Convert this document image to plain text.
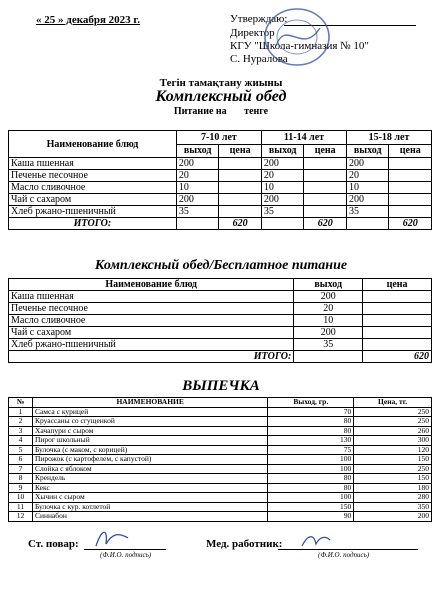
« 25 » декабря 2023 г.	Утверждаю:
Директор
КГУ "Школа-гимназия № 10"
С. Нуралова
Тегін тамақтану жиыны
Комплексный обед
Питание на       тенге
Наименование блюд	7-10 лет		11-14 лет		15-18 лет	
	выход	цена	выход	цена	выход	цена
Каша пшенная	200		200		200	
Печенье песочное	20		20		20	
Масло сливочное	10		10		10	
Чай с сахаром	200		200		200	
Хлеб ржано-пшеничный	35		35		35	
ИТОГО:		620		620		620
Комплексный обед/Бесплатное питание
Наименование блюд	выход	цена
Каша пшенная	200	
Печенье песочное	20	
Масло сливочное	10	
Чай с сахаром	200	
Хлеб ржано-пшеничный	35	
ИТОГО:		620
ВЫПЕЧКА
№	НАИМЕНОВАНИЕ	Выход, гр.	Цена, тг.
1	Самса с курицей	70	250
2	Круассаны со сгущенкой	80	250
3	Хачапури с сыром	80	260
4	Пирог школьный	130	300
5	Булочка (с маком, с корицей)	75	120
6	Пирожок (с картофелем, с капустой)	100	150
7	Слойка с яблоком	100	250
8	Крендель	80	150
9	Кекс	80	180
10	Хычин с сыром	100	280
11	Булочка с кур. котлетой	150	350
12	Синнабон	90	200
Ст. повар:
(Ф.И.О. подпись)
Мед. работник:
(Ф.И.О. подпись)
